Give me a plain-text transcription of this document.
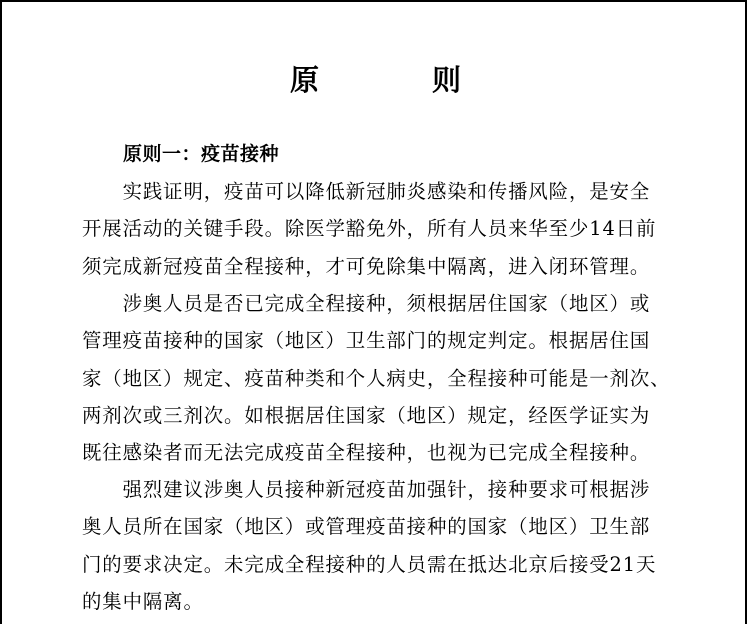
原　则
原则一：疫苗接种
　　实践证明，疫苗可以降低新冠肺炎感染和传播风险，是安全
开展活动的关键手段。除医学豁免外，所有人员来华至少14日前
须完成新冠疫苗全程接种，才可免除集中隔离，进入闭环管理。
　　涉奥人员是否已完成全程接种，须根据居住国家（地区）或
管理疫苗接种的国家（地区）卫生部门的规定判定。根据居住国
家（地区）规定、疫苗种类和个人病史，全程接种可能是一剂次、
两剂次或三剂次。如根据居住国家（地区）规定，经医学证实为
既往感染者而无法完成疫苗全程接种，也视为已完成全程接种。
　　强烈建议涉奥人员接种新冠疫苗加强针，接种要求可根据涉
奥人员所在国家（地区）或管理疫苗接种的国家（地区）卫生部
门的要求决定。未完成全程接种的人员需在抵达北京后接受21天
的集中隔离。
